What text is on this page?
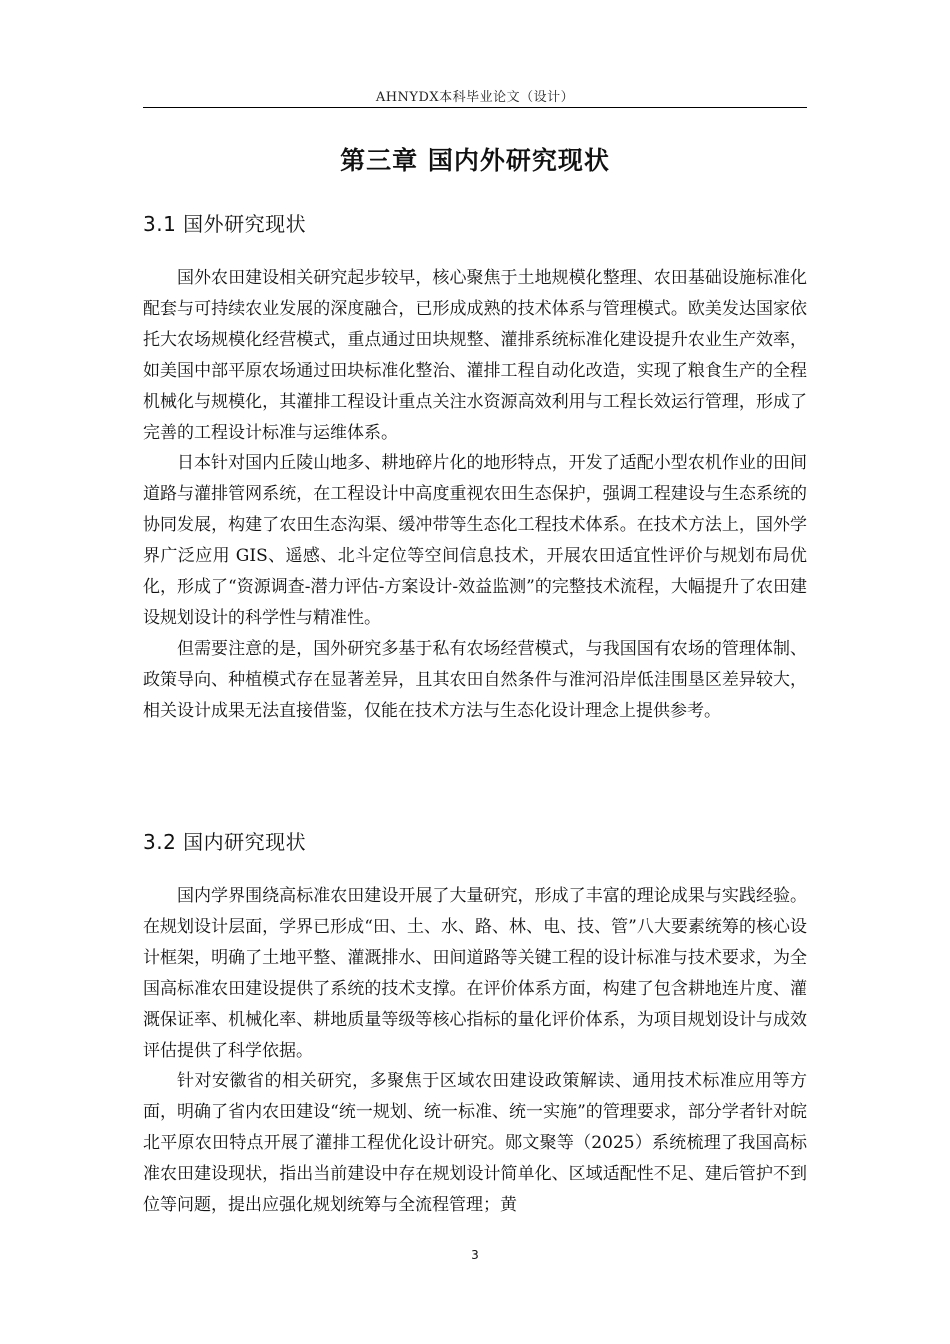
AHNYDX本科毕业论文（设计）
第三章 国内外研究现状
3.1 国外研究现状

国外农田建设相关研究起步较早，核心聚焦于土地规模化整理、农田基础设施标准化配套与可持续农业发展的深度融合，已形成成熟的技术体系与管理模式。欧美发达国家依托大农场规模化经营模式，重点通过田块规整、灌排系统标准化建设提升农业生产效率，如美国中部平原农场通过田块标准化整治、灌排工程自动化改造，实现了粮食生产的全程机械化与规模化，其灌排工程设计重点关注水资源高效利用与工程长效运行管理，形成了完善的工程设计标准与运维体系。

日本针对国内丘陵山地多、耕地碎片化的地形特点，开发了适配小型农机作业的田间道路与灌排管网系统，在工程设计中高度重视农田生态保护，强调工程建设与生态系统的协同发展，构建了农田生态沟渠、缓冲带等生态化工程技术体系。在技术方法上，国外学界广泛应用 GIS、遥感、北斗定位等空间信息技术，开展农田适宜性评价与规划布局优化，形成了“资源调查-潜力评估-方案设计-效益监测”的完整技术流程，大幅提升了农田建设规划设计的科学性与精准性。

但需要注意的是，国外研究多基于私有农场经营模式，与我国国有农场的管理体制、政策导向、种植模式存在显著差异，且其农田自然条件与淮河沿岸低洼围垦区差异较大，相关设计成果无法直接借鉴，仅能在技术方法与生态化设计理念上提供参考。

3.2 国内研究现状

国内学界围绕高标准农田建设开展了大量研究，形成了丰富的理论成果与实践经验。在规划设计层面，学界已形成“田、土、水、路、林、电、技、管”八大要素统筹的核心设计框架，明确了土地平整、灌溉排水、田间道路等关键工程的设计标准与技术要求，为全国高标准农田建设提供了系统的技术支撑。在评价体系方面，构建了包含耕地连片度、灌溉保证率、机械化率、耕地质量等级等核心指标的量化评价体系，为项目规划设计与成效评估提供了科学依据。

针对安徽省的相关研究，多聚焦于区域农田建设政策解读、通用技术标准应用等方面，明确了省内农田建设“统一规划、统一标准、统一实施”的管理要求，部分学者针对皖北平原农田特点开展了灌排工程优化设计研究。郧文聚等（2025）系统梳理了我国高标准农田建设现状，指出当前建设中存在规划设计简单化、区域适配性不足、建后管护不到位等问题，提出应强化规划统筹与全流程管理；黄

3
